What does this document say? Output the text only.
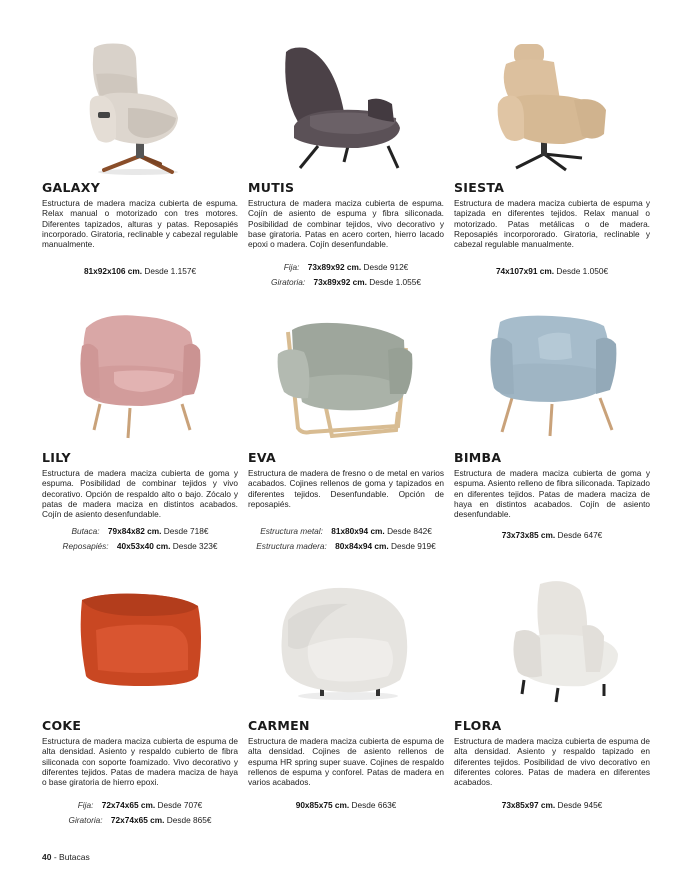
GALAXY
Estructura de madera maciza cubierta de espuma. Relax manual o motorizado con tres motores. Diferentes tapizados, alturas y patas. Reposapiés incorporado. Giratoria, reclinable y cabezal regulable manualmente.
81x92x106 cm. Desde 1.157€
MUTIS
Estructura de madera maciza cubierta de espuma. Cojín de asiento de espuma y fibra siliconada. Posibilidad de combinar tejidos, vivo decorativo y base giratoria. Patas en acero corten, hierro lacado epoxi o madera. Cojín desenfundable.
Fija: 73x89x92 cm. Desde 912€
Giratoria: 73x89x92 cm. Desde 1.055€
SIESTA
Estructura de madera maciza cubierta de espuma y tapizada en diferentes tejidos. Relax manual o motorizado. Patas metálicas o de madera. Reposapiés incorpororado. Giratoria, reclinable y cabezal regulable manualmente.
74x107x91 cm. Desde 1.050€
LILY
Estructura de madera maciza cubierta de goma y espuma. Posibilidad de combinar tejidos y vivo decorativo. Opción de respaldo alto o bajo. Zócalo y patas de madera maciza en distintos acabados. Cojín de asiento desenfundable.
Butaca: 79x84x82 cm. Desde 718€
Reposapiés: 40x53x40 cm. Desde 323€
EVA
Estructura de madera de fresno o de metal en varios acabados. Cojines rellenos de goma y tapizados en diferentes tejidos. Desenfundable. Opción de reposapiés.
Estructura metal: 81x80x94 cm. Desde 842€
Estructura madera: 80x84x94 cm. Desde 919€
BIMBA
Estructura de madera maciza cubierta de goma y espuma. Asiento relleno de fibra siliconada. Tapizado en diferentes tejidos. Patas de madera maciza de haya en distintos acabados. Cojín de asiento desenfundable.
73x73x85 cm. Desde 647€
COKE
Estructura de madera maciza cubierta de espuma de alta densidad. Asiento y respaldo cubierto de fibra siliconada con soporte foamizado. Vivo decorativo y diferentes tejidos. Patas de madera maciza de haya o base giratoria de hierro epoxi.
Fija: 72x74x65 cm. Desde 707€
Giratoria: 72x74x65 cm. Desde 865€
CARMEN
Estructura de madera maciza cubierta de espuma de alta densidad. Cojines de asiento rellenos de espuma HR spring super suave. Cojines de respaldo rellenos de espuma y conforel. Patas de madera en varios acabados.
90x85x75 cm. Desde 663€
FLORA
Estructura de madera maciza cubierta de espuma de alta densidad. Asiento y respaldo tapizado en diferentes tejidos. Posibilidad de vivo decorativo en diferentes colores. Patas de madera en diferentes acabados.
73x85x97 cm. Desde 945€
40 - Butacas
